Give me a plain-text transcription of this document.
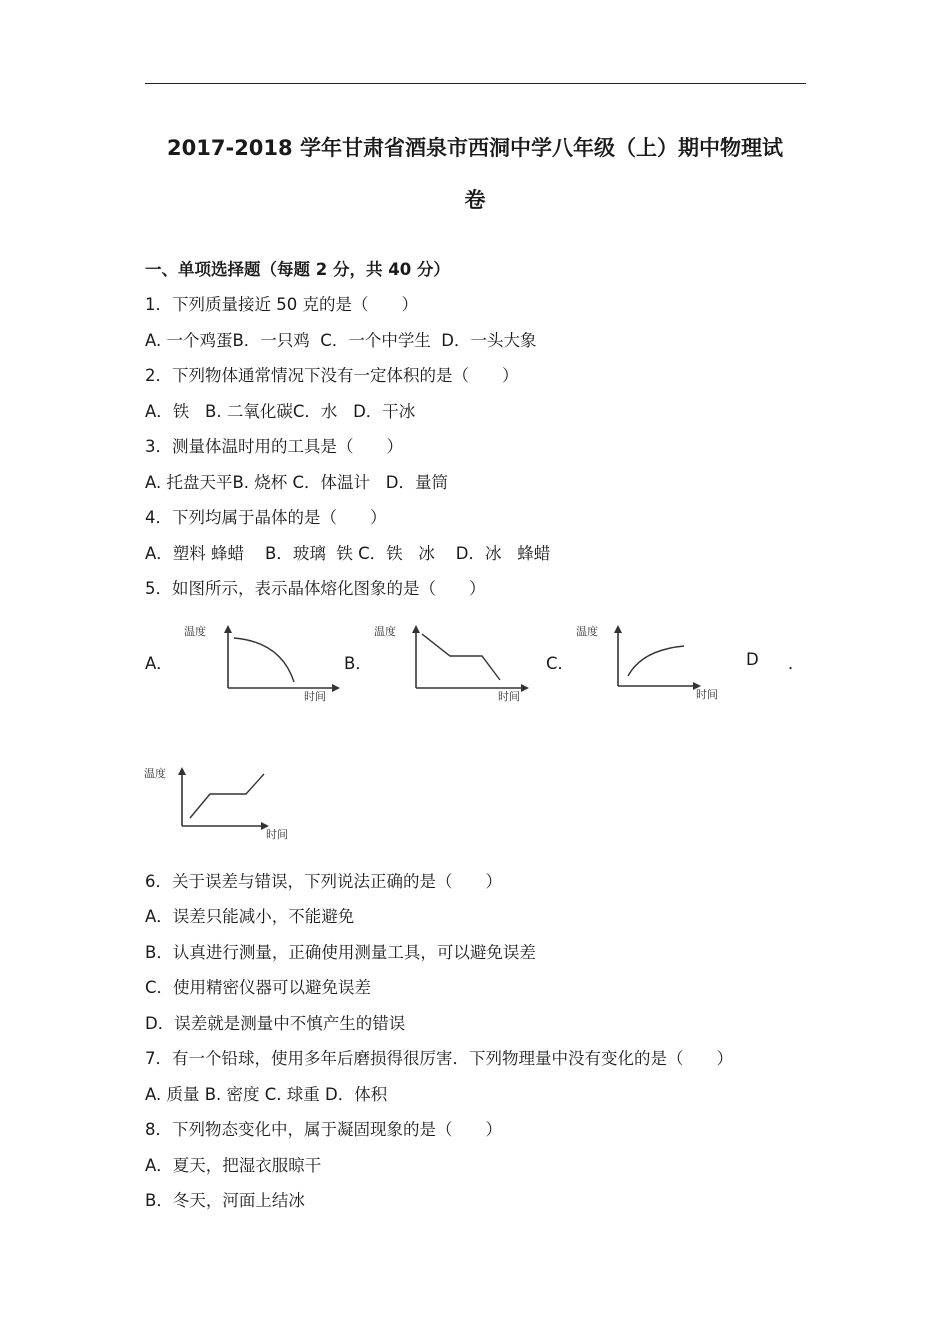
2017-2018 学年甘肃省酒泉市西洞中学八年级（上）期中物理试
卷
一、单项选择题（每题 2 分，共 40 分）
1．下列质量接近 50 克的是（　　）
A. 一个鸡蛋B．一只鸡  C．一个中学生  D．一头大象
2．下列物体通常情况下没有一定体积的是（　　）
A．铁   B. 二氧化碳C．水   D．干冰
3．测量体温时用的工具是（　　）
A. 托盘天平B. 烧杯 C．体温计   D．量筒
4．下列均属于晶体的是（　　）
A．塑料 蜂蜡    B．玻璃  铁 C．铁   冰    D．冰   蜂蜡
5．如图所示，表示晶体熔化图象的是（　　）
A．	B．	C．	D ．
温度
时间
温度
时间
温度
时间
温度
时间
6．关于误差与错误，下列说法正确的是（　　）
A．误差只能减小，不能避免
B．认真进行测量，正确使用测量工具，可以避免误差
C．使用精密仪器可以避免误差
D．误差就是测量中不慎产生的错误
7．有一个铅球，使用多年后磨损得很厉害．下列物理量中没有变化的是（　　）
A. 质量 B. 密度 C. 球重 D．体积
8．下列物态变化中，属于凝固现象的是（　　）
A．夏天，把湿衣服晾干
B．冬天，河面上结冰
